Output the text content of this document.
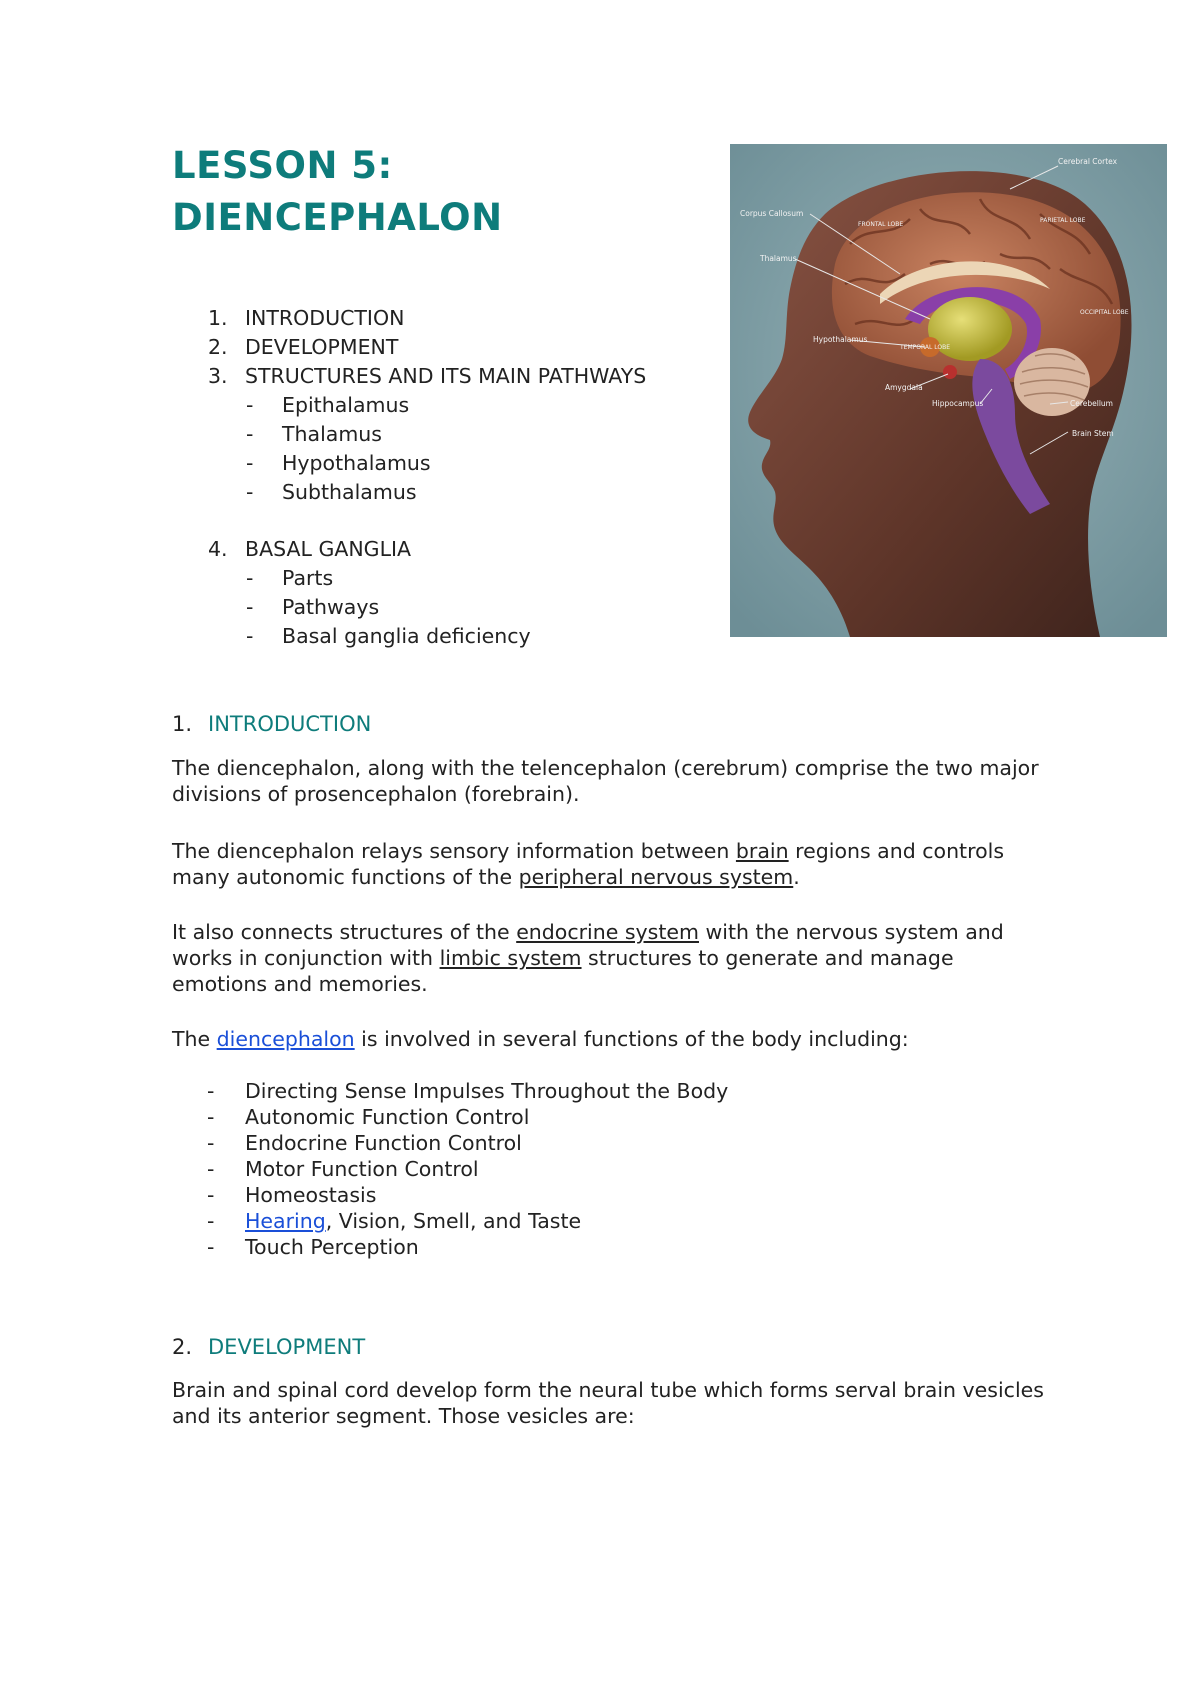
LESSON 5:
DIENCEPHALON
1. INTRODUCTION
2. DEVELOPMENT
3. STRUCTURES AND ITS MAIN PATHWAYS
-	Epithalamus
-	Thalamus
-	Hypothalamus
-	Subthalamus
4. BASAL GANGLIA
-	Parts
-	Pathways
-	Basal ganglia deficiency
Cerebral Cortex
Corpus Callosum
FRONTAL LOBE
PARIETAL LOBE
Thalamus
OCCIPITAL LOBE
Hypothalamus
TEMPORAL LOBE
Amygdala
Hippocampus	Cerebellum
Brain Stem
1. INTRODUCTION

The diencephalon, along with the telencephalon (cerebrum) comprise the two major divisions of prosencephalon (forebrain).

The diencephalon relays sensory information between brain regions and controls many autonomic functions of the peripheral nervous system.

It also connects structures of the endocrine system with the nervous system and works in conjunction with limbic system structures to generate and manage emotions and memories.

The diencephalon is involved in several functions of the body including:

-	Directing Sense Impulses Throughout the Body
-	Autonomic Function Control
-	Endocrine Function Control
-	Motor Function Control
-	Homeostasis
-	Hearing, Vision, Smell, and Taste
-	Touch Perception
2. DEVELOPMENT

Brain and spinal cord develop form the neural tube which forms serval brain vesicles and its anterior segment. Those vesicles are:
